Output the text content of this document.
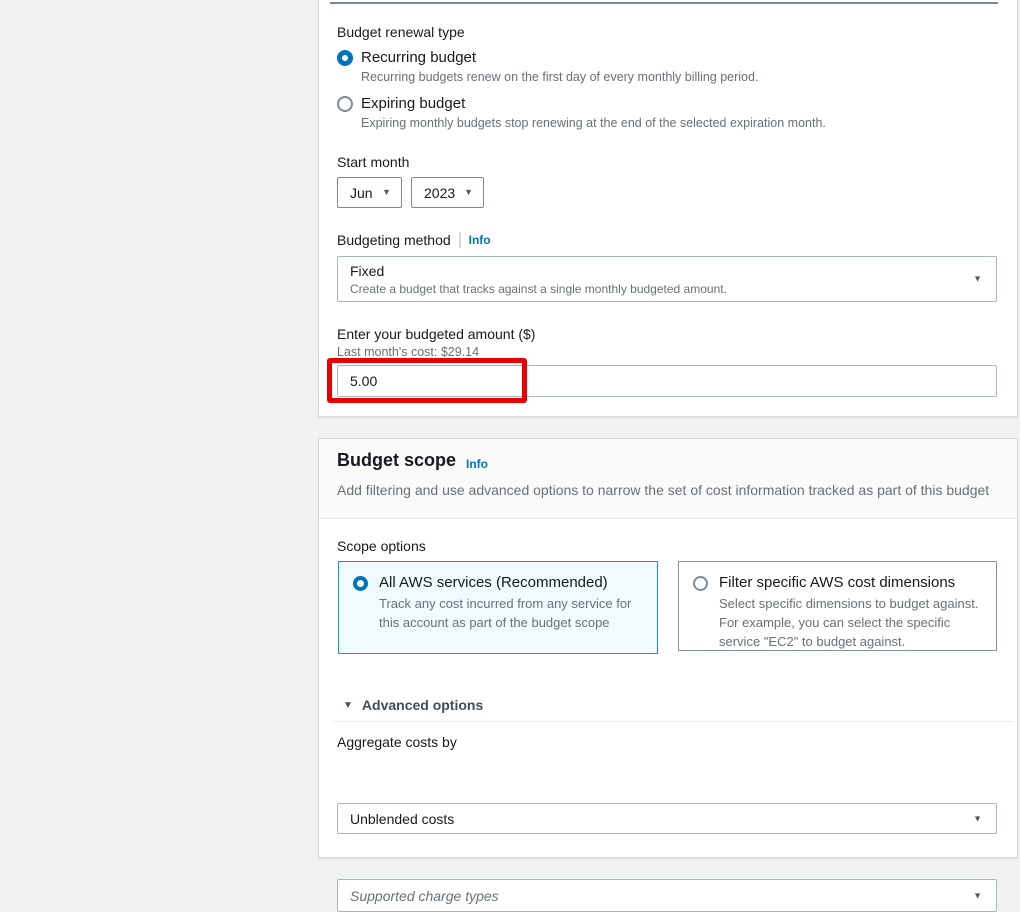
Budget renewal type
Recurring budget
Recurring budgets renew on the first day of every monthly billing period.
Expiring budget
Expiring monthly budgets stop renewing at the end of the selected expiration month.
Start month
Jun ▼ 2023 ▼
Budgeting method Info
Fixed
Create a budget that tracks against a single monthly budgeted amount.
▼
Enter your budgeted amount ($)
Last month's cost: $29.14
5.00
Budget scope Info
Add filtering and use advanced options to narrow the set of cost information tracked as part of this budget
Scope options
All AWS services (Recommended)
Track any cost incurred from any service for this account as part of the budget scope
Filter specific AWS cost dimensions
Select specific dimensions to budget against. For example, you can select the specific service "EC2" to budget against.
▼ Advanced options
Aggregate costs by
Unblended costs	▼
Supported charge types	▼
